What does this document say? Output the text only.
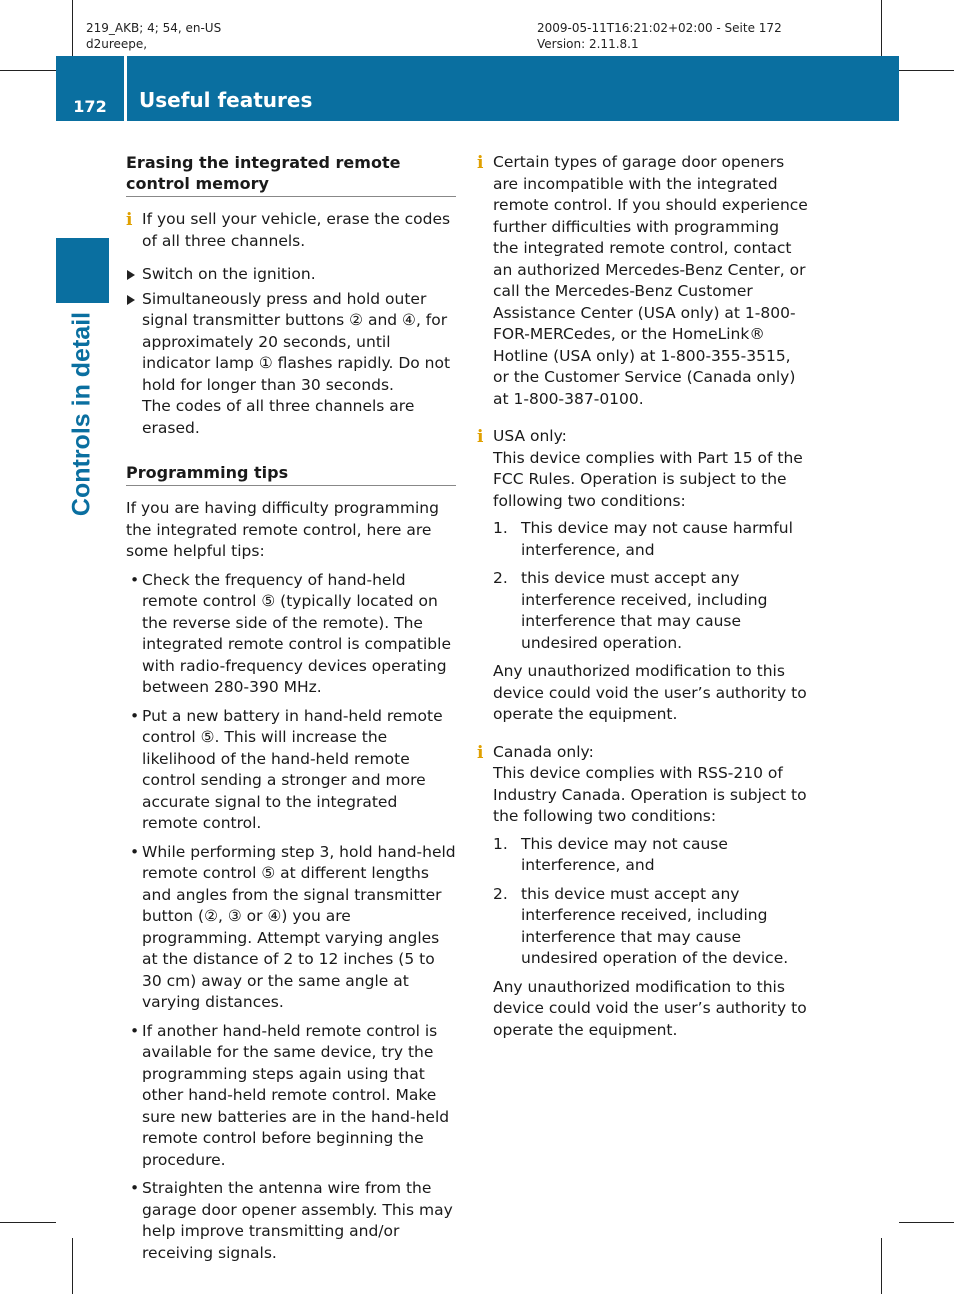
219_AKB; 4; 54, en-US
d2ureepe,
2009-05-11T16:21:02+02:00 - Seite 172
Version: 2.11.8.1
172	Useful features
Controls in detail
Erasing the integrated remote control memory
i If you sell your vehicle, erase the codes of all three channels.

Switch on the ignition.

Simultaneously press and hold outer signal transmitter buttons ② and ④, for approximately 20 seconds, until indicator lamp ① flashes rapidly. Do not hold for longer than 30 seconds.

The codes of all three channels are erased.

Programming tips

If you are having difficulty programming the integrated remote control, here are some helpful tips:

• Check the frequency of hand-held remote control ⑤ (typically located on the reverse side of the remote). The integrated remote control is compatible with radio-frequency devices operating between 280-390 MHz.

• Put a new battery in hand-held remote control ⑤. This will increase the likelihood of the hand-held remote control sending a stronger and more accurate signal to the integrated remote control.

• While performing step 3, hold hand-held remote control ⑤ at different lengths and angles from the signal transmitter button (②, ③ or ④) you are programming. Attempt varying angles at the distance of 2 to 12 inches (5 to 30 cm) away or the same angle at varying distances.

• If another hand-held remote control is available for the same device, try the programming steps again using that other hand-held remote control. Make sure new batteries are in the hand-held remote control before beginning the procedure.

• Straighten the antenna wire from the garage door opener assembly. This may help improve transmitting and/or receiving signals.

i Certain types of garage door openers are incompatible with the integrated remote control. If you should experience further difficulties with programming the integrated remote control, contact an authorized Mercedes-Benz Center, or call the Mercedes-Benz Customer Assistance Center (USA only) at 1-800-FOR-MERCedes, or the HomeLink® Hotline (USA only) at 1-800-355-3515, or the Customer Service (Canada only) at 1-800-387-0100.

i USA only:

This device complies with Part 15 of the FCC Rules. Operation is subject to the following two conditions:

1. This device may not cause harmful interference, and

2. this device must accept any interference received, including interference that may cause undesired operation.

Any unauthorized modification to this device could void the user’s authority to operate the equipment.

i Canada only:

This device complies with RSS-210 of Industry Canada. Operation is subject to the following two conditions:

1. This device may not cause interference, and

2. this device must accept any interference received, including interference that may cause undesired operation of the device.

Any unauthorized modification to this device could void the user’s authority to operate the equipment.
